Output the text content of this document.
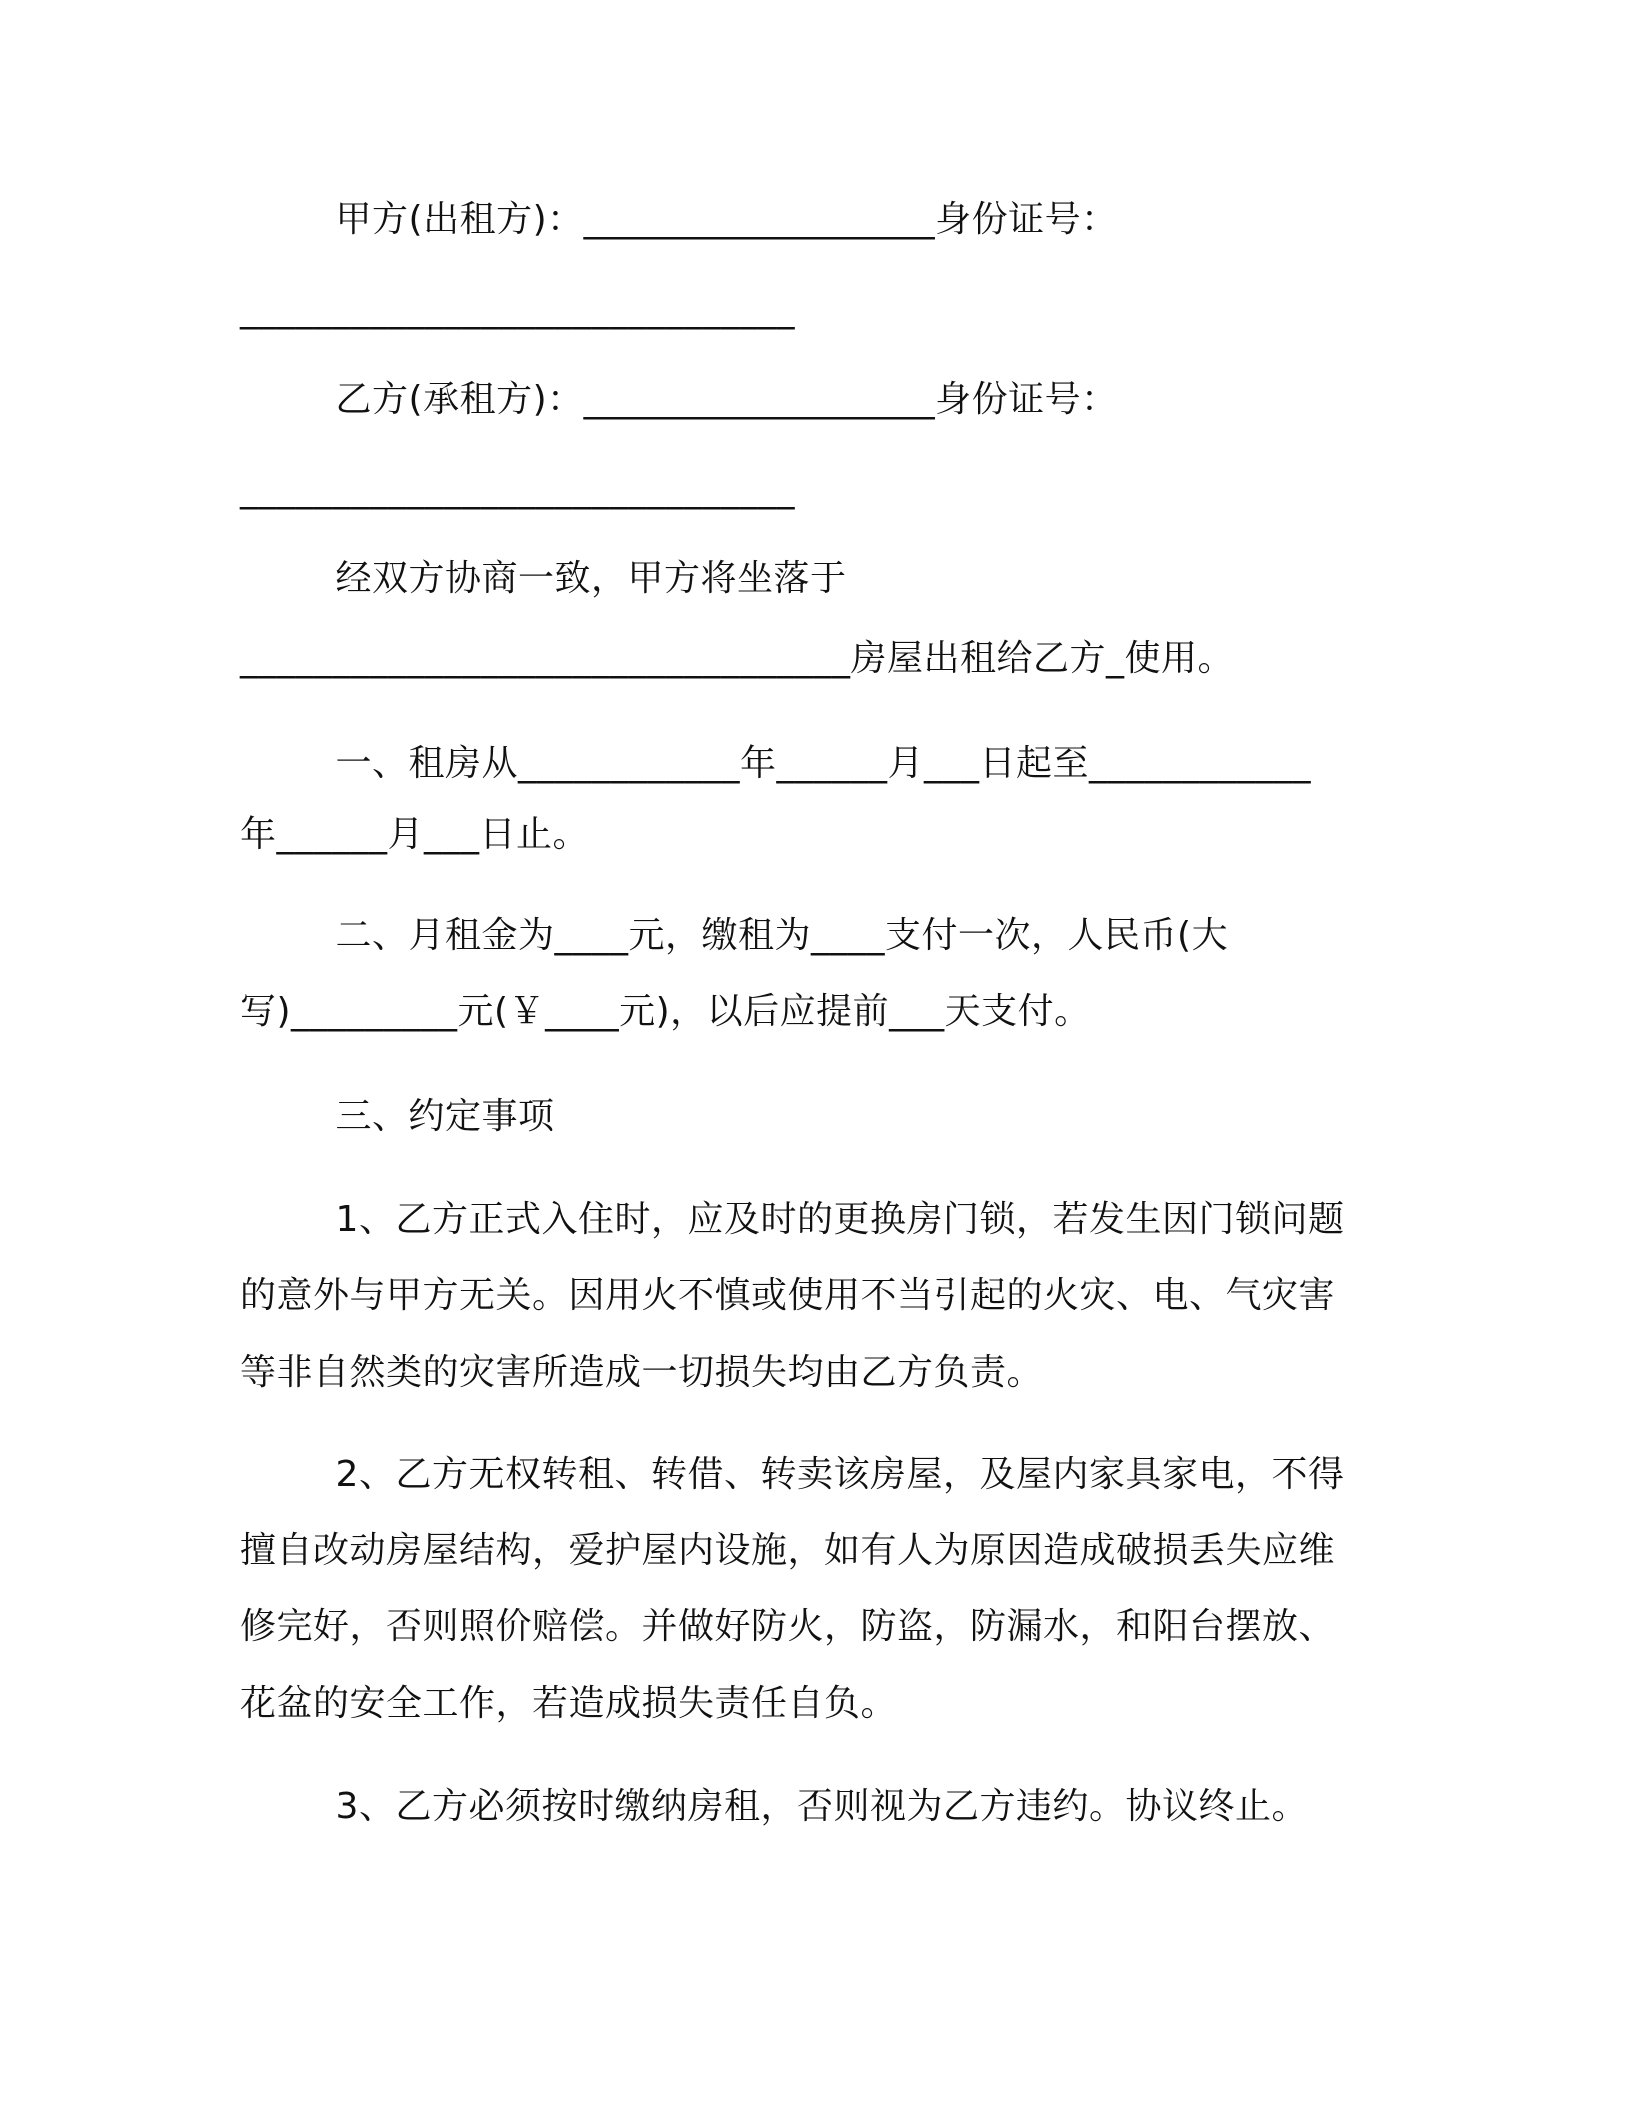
甲方(出租方)：___________________身份证号：
______________________________
乙方(承租方)：___________________身份证号：
______________________________
经双方协商一致，甲方将坐落于
_________________________________房屋出租给乙方_使用。
一、租房从____________年______月___日起至____________
年______月___日止。
二、月租金为____元，缴租为____支付一次，人民币(大
写)_________元(￥____元)，以后应提前___天支付。
三、约定事项
1、乙方正式入住时，应及时的更换房门锁，若发生因门锁问题
的意外与甲方无关。因用火不慎或使用不当引起的火灾、电、气灾害
等非自然类的灾害所造成一切损失均由乙方负责。
2、乙方无权转租、转借、转卖该房屋，及屋内家具家电，不得
擅自改动房屋结构，爱护屋内设施，如有人为原因造成破损丢失应维
修完好，否则照价赔偿。并做好防火，防盗，防漏水，和阳台摆放、
花盆的安全工作，若造成损失责任自负。
3、乙方必须按时缴纳房租，否则视为乙方违约。协议终止。
